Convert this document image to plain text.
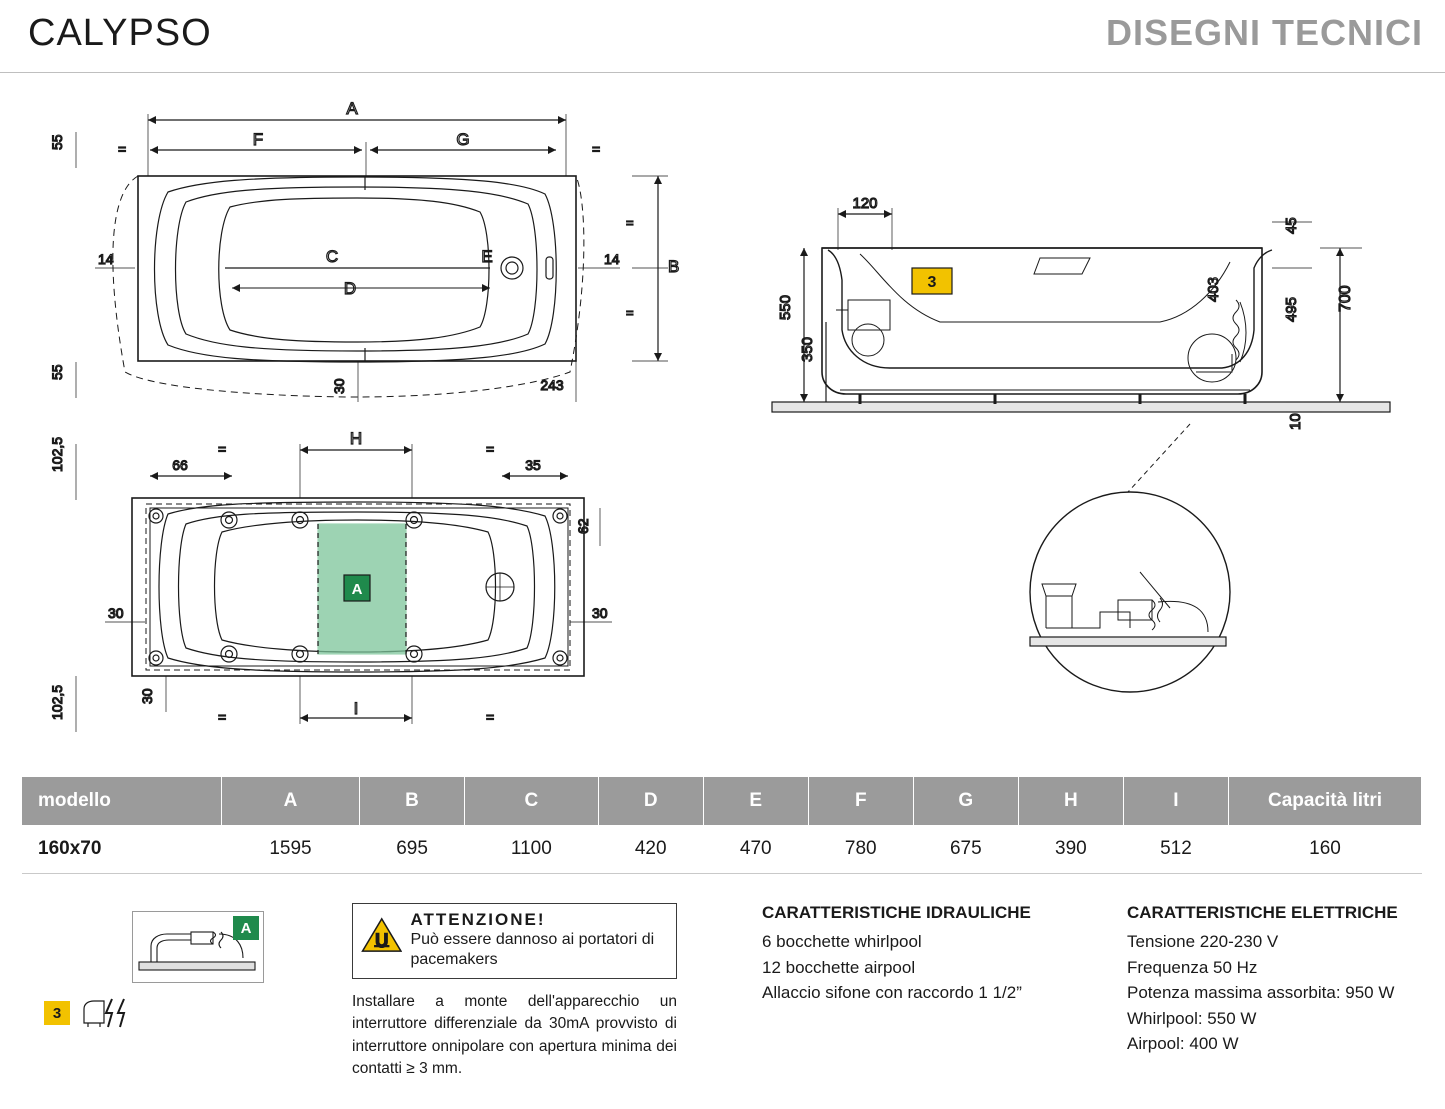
CALYPSO	DISEGNI TECNICI
A
F	G
=	=
55
55
14	14
C
D
E
B
=
=
30	243
A
H
=	=
66	35
102,5
102,5
62
30	30
30
I
=	=
3
120
45
403
495 700
550
350
10
modello	A	B	C	D	E	F	G	H	I	Capacità litri
160x70	1595	695	1100	420	470	780	675	390	512	160
A
3
ATTENZIONE!
Può essere dannoso ai portatori di pacemakers
Installare a monte dell'apparecchio un interruttore differenziale da 30mA provvisto di interruttore onnipolare con apertura minima dei contatti ≥ 3 mm.
CARATTERISTICHE IDRAULICHE
6 bocchette whirlpool
12 bocchette airpool
Allaccio sifone con raccordo 1 1/2”
CARATTERISTICHE ELETTRICHE
Tensione 220-230 V
Frequenza 50 Hz
Potenza massima assorbita: 950 W
Whirlpool: 550 W
Airpool: 400 W
